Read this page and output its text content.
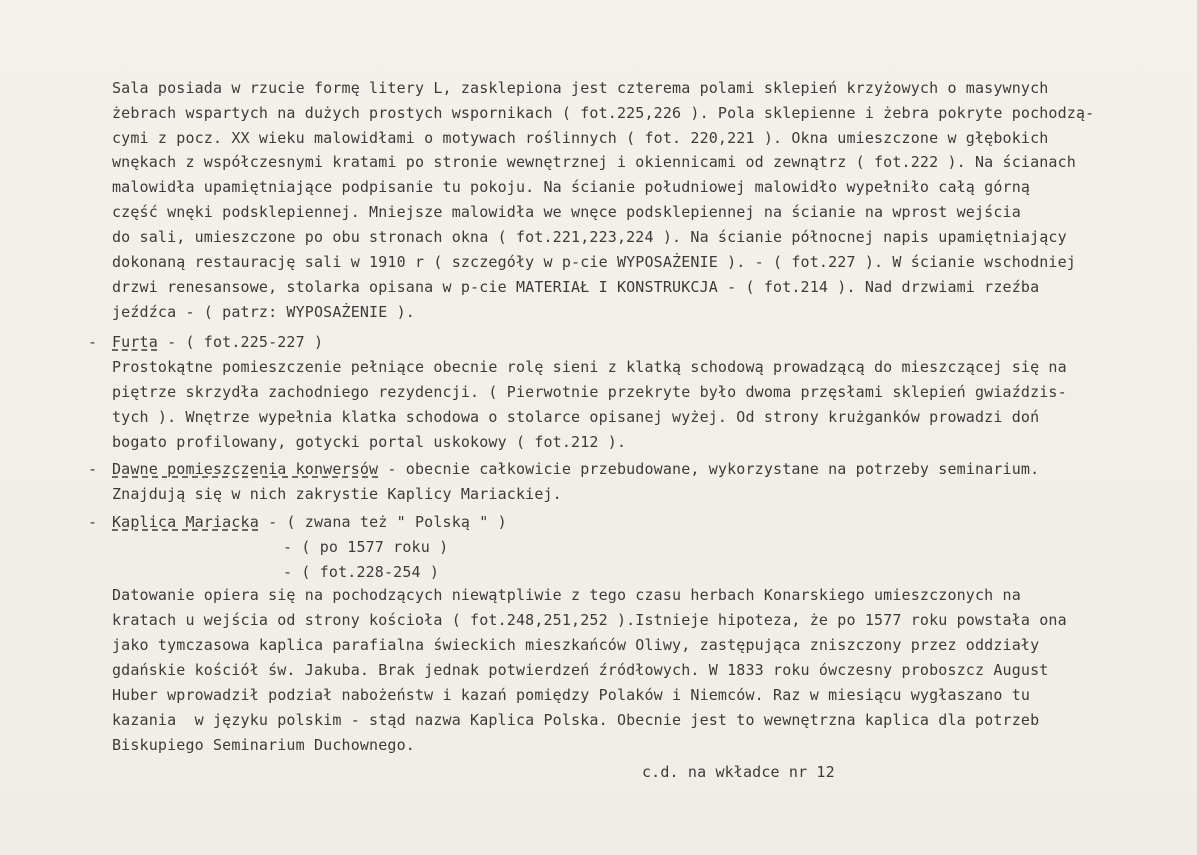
Sala posiada w rzucie formę litery L, zasklepiona jest czterema polami sklepień krzyżowych o masywnych
żebrach wspartych na dużych prostych wspornikach ( fot.225,226 ). Pola sklepienne i żebra pokryte pochodzą-
cymi z pocz. XX wieku malowidłami o motywach roślinnych ( fot. 220,221 ). Okna umieszczone w głębokich
wnękach z współczesnymi kratami po stronie wewnętrznej i okiennicami od zewnątrz ( fot.222 ). Na ścianach
malowidła upamiętniające podpisanie tu pokoju. Na ścianie południowej malowidło wypełniło całą górną
część wnęki podsklepiennej. Mniejsze malowidła we wnęce podsklepiennej na ścianie na wprost wejścia
do sali, umieszczone po obu stronach okna ( fot.221,223,224 ). Na ścianie północnej napis upamiętniający
dokonaną restaurację sali w 1910 r ( szczegóły w p-cie WYPOSAŻENIE ). - ( fot.227 ). W ścianie wschodniej
drzwi renesansowe, stolarka opisana w p-cie MATERIAŁ I KONSTRUKCJA - ( fot.214 ). Nad drzwiami rzeźba
jeźdźca - ( patrz: WYPOSAŻENIE ).
- Furta - ( fot.225-227 )
Prostokątne pomieszczenie pełniące obecnie rolę sieni z klatką schodową prowadzącą do mieszczącej się na
piętrze skrzydła zachodniego rezydencji. ( Pierwotnie przekryte było dwoma przęsłami sklepień gwiaździs-
tych ). Wnętrze wypełnia klatka schodowa o stolarce opisanej wyżej. Od strony krużganków prowadzi doń
bogato profilowany, gotycki portal uskokowy ( fot.212 ).
- Dawne pomieszczenia konwersów - obecnie całkowicie przebudowane, wykorzystane na potrzeby seminarium.
Znajdują się w nich zakrystie Kaplicy Mariackiej.
- Kaplica Mariacka - ( zwana też " Polską " )
- ( po 1577 roku )
- ( fot.228-254 )
Datowanie opiera się na pochodzących niewątpliwie z tego czasu herbach Konarskiego umieszczonych na
kratach u wejścia od strony kościoła ( fot.248,251,252 ).Istnieje hipoteza, że po 1577 roku powstała ona
jako tymczasowa kaplica parafialna świeckich mieszkańców Oliwy, zastępująca zniszczony przez oddziały
gdańskie kościół św. Jakuba. Brak jednak potwierdzeń źródłowych. W 1833 roku ówczesny proboszcz August
Huber wprowadził podział nabożeństw i kazań pomiędzy Polaków i Niemców. Raz w miesiącu wygłaszano tu
kazania  w języku polskim - stąd nazwa Kaplica Polska. Obecnie jest to wewnętrzna kaplica dla potrzeb
Biskupiego Seminarium Duchownego.
c.d. na wkładce nr 12
